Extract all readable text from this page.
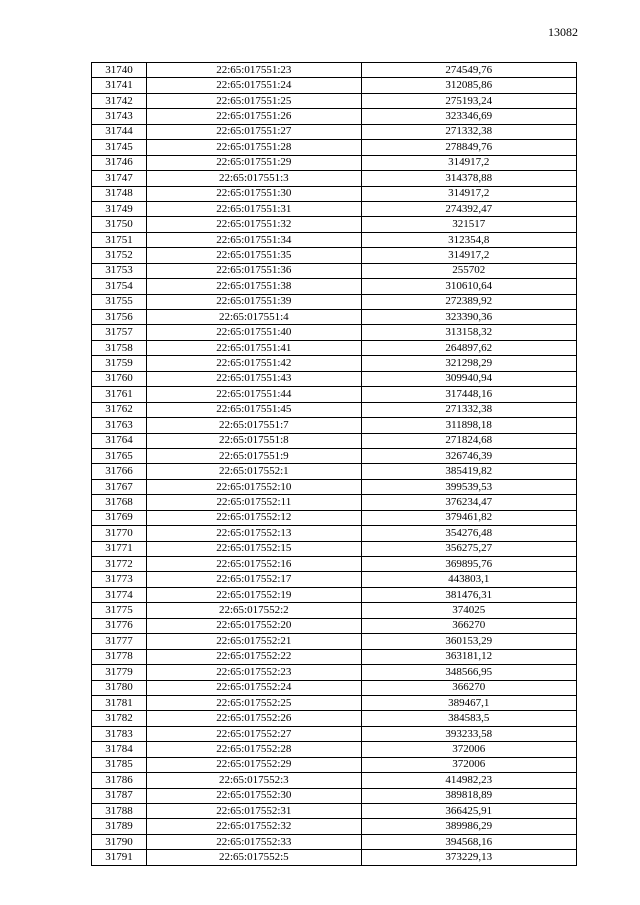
13082
31740	22:65:017551:23	274549,76
31741	22:65:017551:24	312085,86
31742	22:65:017551:25	275193,24
31743	22:65:017551:26	323346,69
31744	22:65:017551:27	271332,38
31745	22:65:017551:28	278849,76
31746	22:65:017551:29	314917,2
31747	22:65:017551:3	314378,88
31748	22:65:017551:30	314917,2
31749	22:65:017551:31	274392,47
31750	22:65:017551:32	321517
31751	22:65:017551:34	312354,8
31752	22:65:017551:35	314917,2
31753	22:65:017551:36	255702
31754	22:65:017551:38	310610,64
31755	22:65:017551:39	272389,92
31756	22:65:017551:4	323390,36
31757	22:65:017551:40	313158,32
31758	22:65:017551:41	264897,62
31759	22:65:017551:42	321298,29
31760	22:65:017551:43	309940,94
31761	22:65:017551:44	317448,16
31762	22:65:017551:45	271332,38
31763	22:65:017551:7	311898,18
31764	22:65:017551:8	271824,68
31765	22:65:017551:9	326746,39
31766	22:65:017552:1	385419,82
31767	22:65:017552:10	399539,53
31768	22:65:017552:11	376234,47
31769	22:65:017552:12	379461,82
31770	22:65:017552:13	354276,48
31771	22:65:017552:15	356275,27
31772	22:65:017552:16	369895,76
31773	22:65:017552:17	443803,1
31774	22:65:017552:19	381476,31
31775	22:65:017552:2	374025
31776	22:65:017552:20	366270
31777	22:65:017552:21	360153,29
31778	22:65:017552:22	363181,12
31779	22:65:017552:23	348566,95
31780	22:65:017552:24	366270
31781	22:65:017552:25	389467,1
31782	22:65:017552:26	384583,5
31783	22:65:017552:27	393233,58
31784	22:65:017552:28	372006
31785	22:65:017552:29	372006
31786	22:65:017552:3	414982,23
31787	22:65:017552:30	389818,89
31788	22:65:017552:31	366425,91
31789	22:65:017552:32	389986,29
31790	22:65:017552:33	394568,16
31791	22:65:017552:5	373229,13
